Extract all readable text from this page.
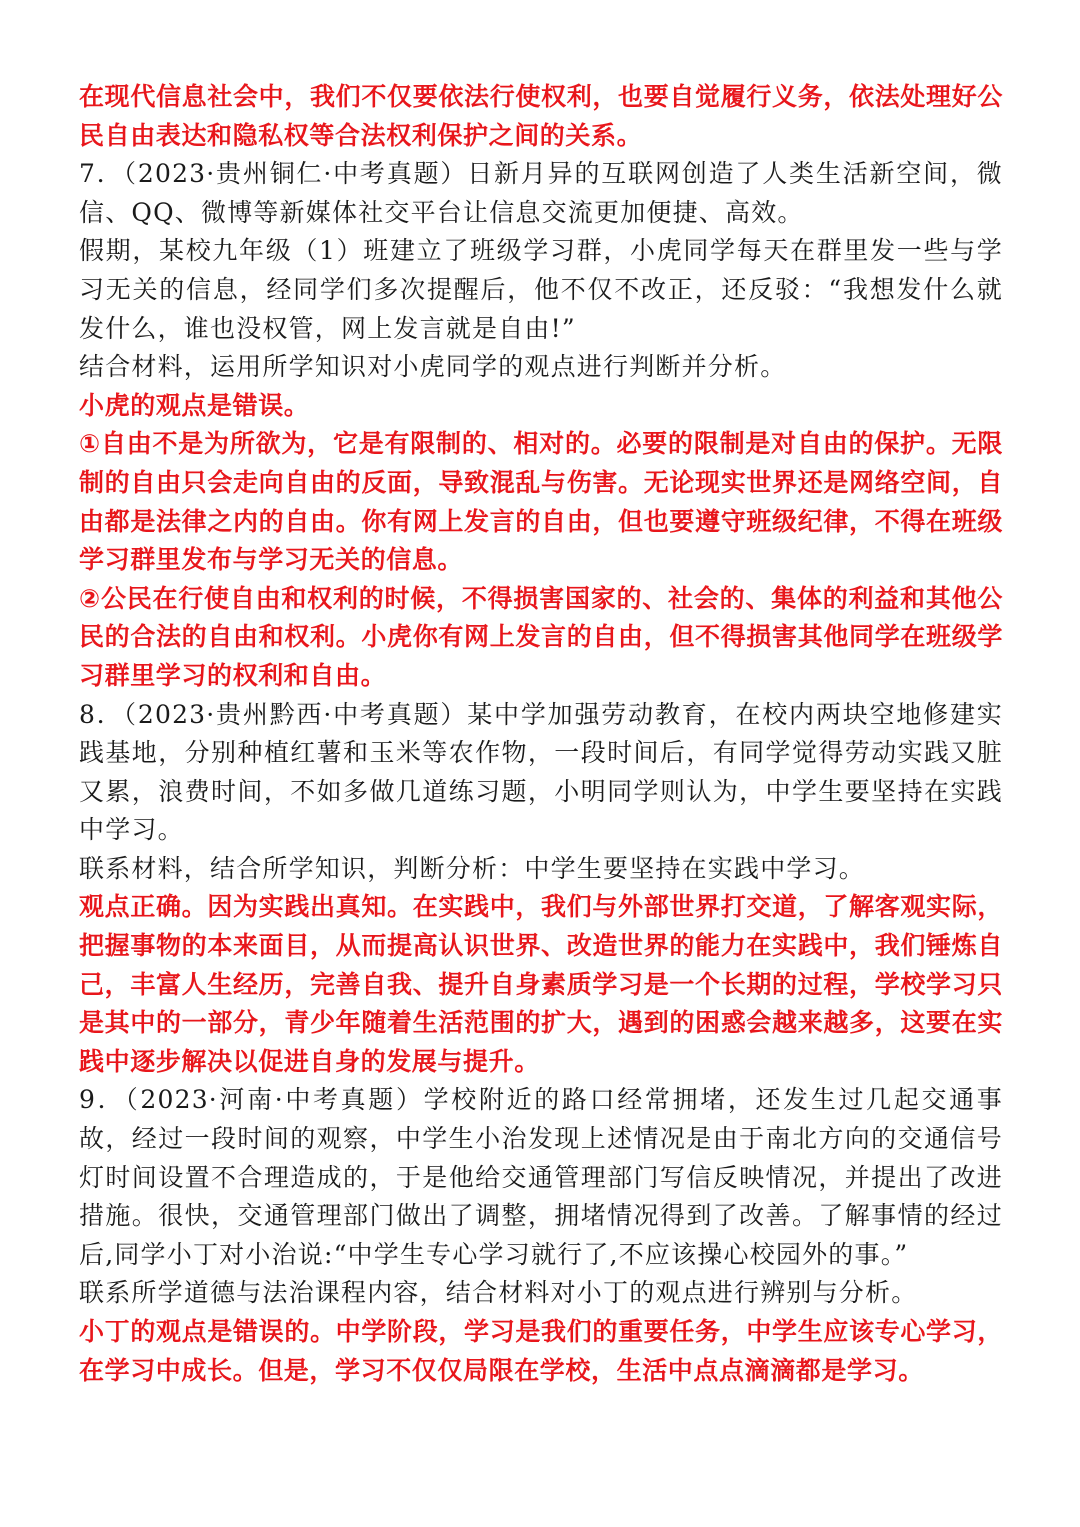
在现代信息社会中，我们不仅要依法行使权利，也要自觉履行义务，依法处理好公民自由表达和隐私权等合法权利保护之间的关系。

7．（2023·贵州铜仁·中考真题）日新月异的互联网创造了人类生活新空间，微信、QQ、微博等新媒体社交平台让信息交流更加便捷、高效。

假期，某校九年级（1）班建立了班级学习群，小虎同学每天在群里发一些与学习无关的信息，经同学们多次提醒后，他不仅不改正，还反驳：“我想发什么就发什么，谁也没权管，网上发言就是自由!”

结合材料，运用所学知识对小虎同学的观点进行判断并分析。

小虎的观点是错误。

①自由不是为所欲为，它是有限制的、相对的。必要的限制是对自由的保护。无限制的自由只会走向自由的反面，导致混乱与伤害。无论现实世界还是网络空间，自由都是法律之内的自由。你有网上发言的自由，但也要遵守班级纪律，不得在班级学习群里发布与学习无关的信息。

②公民在行使自由和权利的时候，不得损害国家的、社会的、集体的利益和其他公民的合法的自由和权利。小虎你有网上发言的自由，但不得损害其他同学在班级学习群里学习的权利和自由。

8．（2023·贵州黔西·中考真题）某中学加强劳动教育，在校内两块空地修建实践基地，分别种植红薯和玉米等农作物，一段时间后，有同学觉得劳动实践又脏又累，浪费时间，不如多做几道练习题，小明同学则认为，中学生要坚持在实践中学习。

联系材料，结合所学知识，判断分析：中学生要坚持在实践中学习。

观点正确。因为实践出真知。在实践中，我们与外部世界打交道，了解客观实际，把握事物的本来面目，从而提高认识世界、改造世界的能力在实践中，我们锤炼自己，丰富人生经历，完善自我、提升自身素质学习是一个长期的过程，学校学习只是其中的一部分，青少年随着生活范围的扩大，遇到的困惑会越来越多，这要在实践中逐步解决以促进自身的发展与提升。

9．（2023·河南·中考真题）学校附近的路口经常拥堵，还发生过几起交通事故，经过一段时间的观察，中学生小治发现上述情况是由于南北方向的交通信号灯时间设置不合理造成的，于是他给交通管理部门写信反映情况，并提出了改进措施。很快，交通管理部门做出了调整，拥堵情况得到了改善。了解事情的经过后,同学小丁对小治说:“中学生专心学习就行了,不应该操心校园外的事。”

联系所学道德与法治课程内容，结合材料对小丁的观点进行辨别与分析。

小丁的观点是错误的。中学阶段，学习是我们的重要任务，中学生应该专心学习，在学习中成长。但是，学习不仅仅局限在学校，生活中点点滴滴都是学习。
